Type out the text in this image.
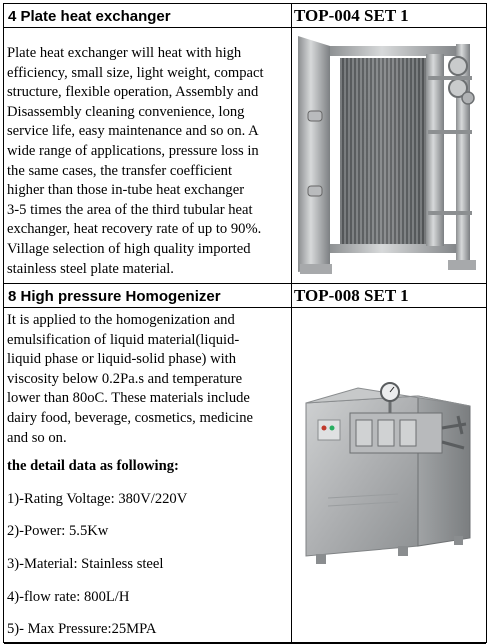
4 Plate heat exchanger	TOP-004 SET 1
Plate heat exchanger will heat with high
efficiency, small size, light weight, compact
structure, flexible operation, Assembly and
Disassembly cleaning convenience, long
service life, easy maintenance and so on. A
wide range of applications, pressure loss in
the same cases, the transfer coefficient
higher than those in-tube heat exchanger
3-5 times the area of the third tubular heat
exchanger, heat recovery rate of up to 90%.
Village selection of high quality imported
stainless steel plate material.
8 High pressure Homogenizer	TOP-008 SET 1
It is applied to the homogenization and
emulsification of liquid material(liquid-
liquid phase or liquid-solid phase) with
viscosity below 0.2Pa.s and temperature
lower than 80oC. These materials include
dairy food, beverage, cosmetics, medicine
and so on.
the detail data as following:
1)-Rating Voltage: 380V/220V
2)-Power: 5.5Kw
3)-Material: Stainless steel
4)-flow rate: 800L/H
5)- Max Pressure:25MPA
